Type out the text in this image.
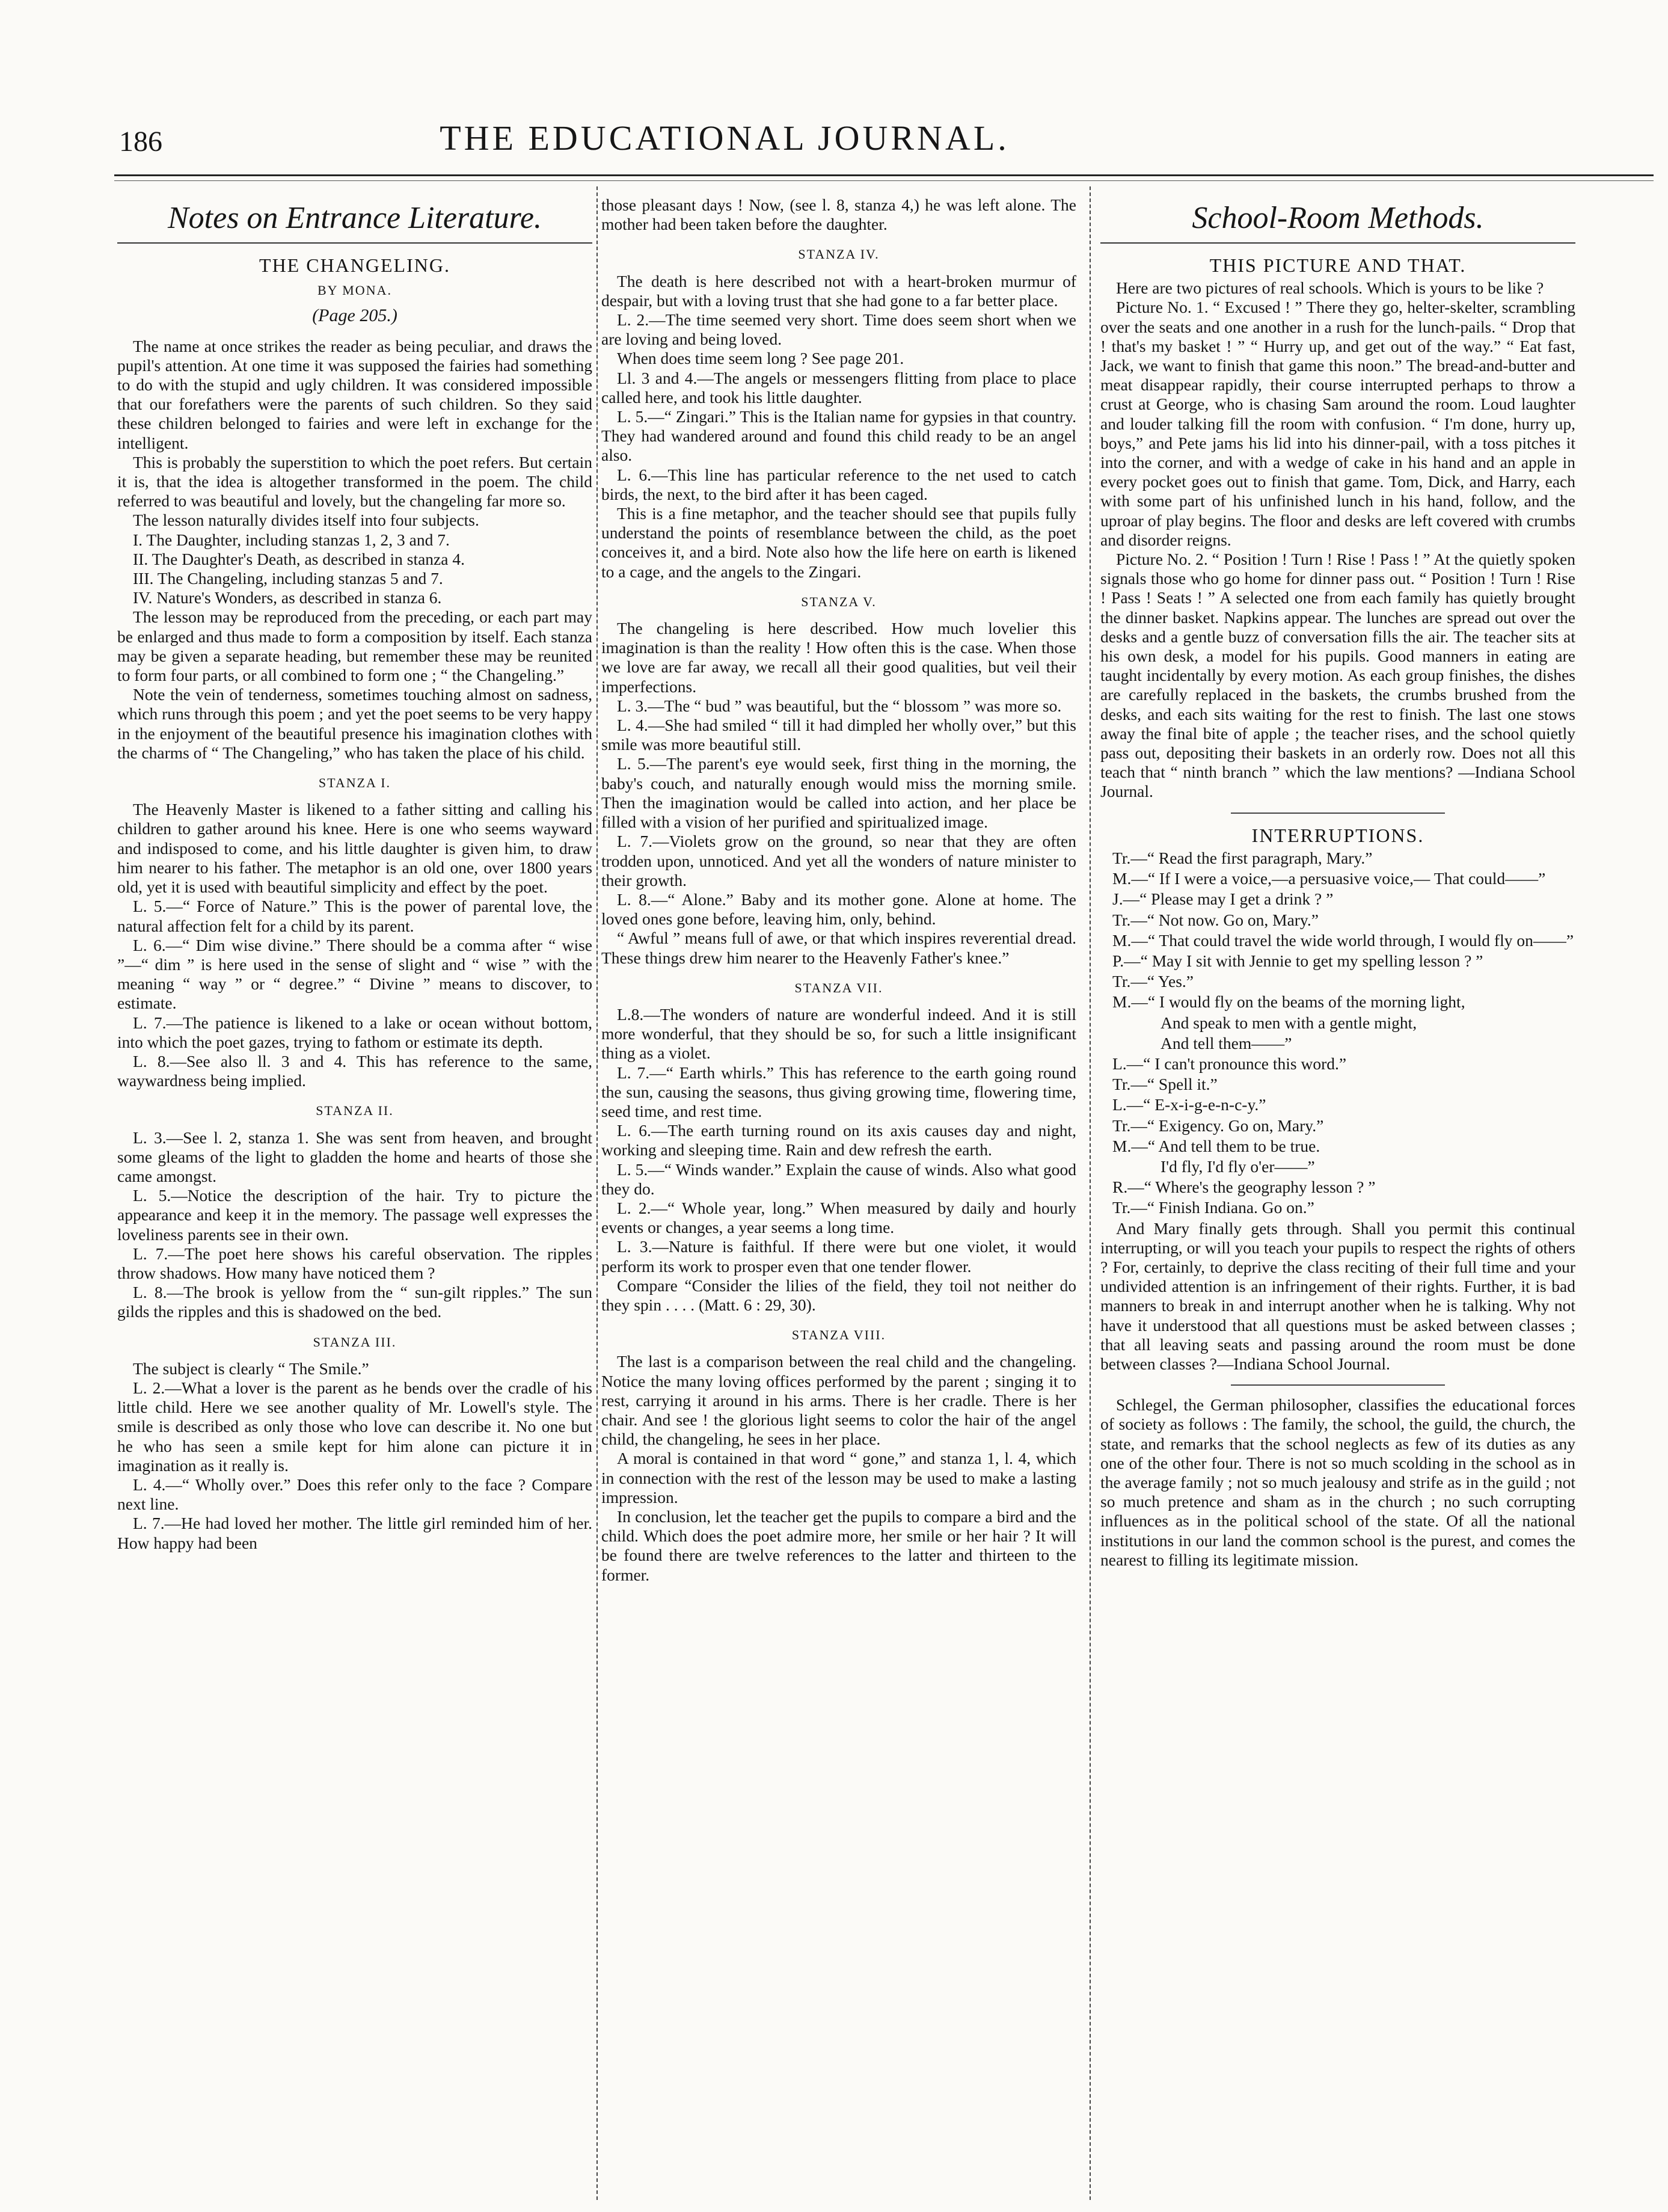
186	THE EDUCATIONAL JOURNAL.
Notes on Entrance Literature.
THE CHANGELING.
BY MONA.
(Page 205.)

The name at once strikes the reader as being peculiar, and draws the pupil's attention. At one time it was supposed the fairies had something to do with the stupid and ugly children. It was considered impossible that our forefathers were the parents of such children. So they said these children belonged to fairies and were left in exchange for the intelligent.

This is probably the superstition to which the poet refers. But certain it is, that the idea is altogether transformed in the poem. The child referred to was beautiful and lovely, but the changeling far more so.

The lesson naturally divides itself into four subjects.

I. The Daughter, including stanzas 1, 2, 3 and 7.

II. The Daughter's Death, as described in stanza 4.

III. The Changeling, including stanzas 5 and 7.

IV. Nature's Wonders, as described in stanza 6.

The lesson may be reproduced from the preceding, or each part may be enlarged and thus made to form a composition by itself. Each stanza may be given a separate heading, but remember these may be reunited to form four parts, or all combined to form one ; “ the Changeling.”

Note the vein of tenderness, sometimes touching almost on sadness, which runs through this poem ; and yet the poet seems to be very happy in the enjoyment of the beautiful presence his imagination clothes with the charms of “ The Changeling,” who has taken the place of his child.

STANZA I.

The Heavenly Master is likened to a father sitting and calling his children to gather around his knee. Here is one who seems wayward and indisposed to come, and his little daughter is given him, to draw him nearer to his father. The metaphor is an old one, over 1800 years old, yet it is used with beautiful simplicity and effect by the poet.

L. 5.—“ Force of Nature.” This is the power of parental love, the natural affection felt for a child by its parent.

L. 6.—“ Dim wise divine.” There should be a comma after “ wise ”—“ dim ” is here used in the sense of slight and “ wise ” with the meaning “ way ” or “ degree.” “ Divine ” means to discover, to estimate.

L. 7.—The patience is likened to a lake or ocean without bottom, into which the poet gazes, trying to fathom or estimate its depth.

L. 8.—See also ll. 3 and 4. This has reference to the same, waywardness being implied.

STANZA II.

L. 3.—See l. 2, stanza 1. She was sent from heaven, and brought some gleams of the light to gladden the home and hearts of those she came amongst.

L. 5.—Notice the description of the hair. Try to picture the appearance and keep it in the memory. The passage well expresses the loveliness parents see in their own.

L. 7.—The poet here shows his careful observation. The ripples throw shadows. How many have noticed them ?

L. 8.—The brook is yellow from the “ sun-gilt ripples.” The sun gilds the ripples and this is shadowed on the bed.

STANZA III.

The subject is clearly “ The Smile.”

L. 2.—What a lover is the parent as he bends over the cradle of his little child. Here we see another quality of Mr. Lowell's style. The smile is described as only those who love can describe it. No one but he who has seen a smile kept for him alone can picture it in imagination as it really is.

L. 4.—“ Wholly over.” Does this refer only to the face ? Compare next line.

L. 7.—He had loved her mother. The little girl reminded him of her. How happy had been

those pleasant days ! Now, (see l. 8, stanza 4,) he was left alone. The mother had been taken before the daughter.

STANZA IV.

The death is here described not with a heart-broken murmur of despair, but with a loving trust that she had gone to a far better place.

L. 2.—The time seemed very short. Time does seem short when we are loving and being loved.

When does time seem long ? See page 201.

Ll. 3 and 4.—The angels or messengers flitting from place to place called here, and took his little daughter.

L. 5.—“ Zingari.” This is the Italian name for gypsies in that country. They had wandered around and found this child ready to be an angel also.

L. 6.—This line has particular reference to the net used to catch birds, the next, to the bird after it has been caged.

This is a fine metaphor, and the teacher should see that pupils fully understand the points of resemblance between the child, as the poet conceives it, and a bird. Note also how the life here on earth is likened to a cage, and the angels to the Zingari.

STANZA V.

The changeling is here described. How much lovelier this imagination is than the reality ! How often this is the case. When those we love are far away, we recall all their good qualities, but veil their imperfections.

L. 3.—The “ bud ” was beautiful, but the “ blossom ” was more so.

L. 4.—She had smiled “ till it had dimpled her wholly over,” but this smile was more beautiful still.

L. 5.—The parent's eye would seek, first thing in the morning, the baby's couch, and naturally enough would miss the morning smile. Then the imagination would be called into action, and her place be filled with a vision of her purified and spiritualized image.

L. 7.—Violets grow on the ground, so near that they are often trodden upon, unnoticed. And yet all the wonders of nature minister to their growth.

L. 8.—“ Alone.” Baby and its mother gone. Alone at home. The loved ones gone before, leaving him, only, behind.

“ Awful ” means full of awe, or that which inspires reverential dread. These things drew him nearer to the Heavenly Father's knee.”

STANZA VII.

L.8.—The wonders of nature are wonderful indeed. And it is still more wonderful, that they should be so, for such a little insignificant thing as a violet.

L. 7.—“ Earth whirls.” This has reference to the earth going round the sun, causing the seasons, thus giving growing time, flowering time, seed time, and rest time.

L. 6.—The earth turning round on its axis causes day and night, working and sleeping time. Rain and dew refresh the earth.

L. 5.—“ Winds wander.” Explain the cause of winds. Also what good they do.

L. 2.—“ Whole year, long.” When measured by daily and hourly events or changes, a year seems a long time.

L. 3.—Nature is faithful. If there were but one violet, it would perform its work to prosper even that one tender flower.

Compare “Consider the lilies of the field, they toil not neither do they spin . . . . (Matt. 6 : 29, 30).

STANZA VIII.

The last is a comparison between the real child and the changeling. Notice the many loving offices performed by the parent ; singing it to rest, carrying it around in his arms. There is her cradle. There is her chair. And see ! the glorious light seems to color the hair of the angel child, the changeling, he sees in her place.

A moral is contained in that word “ gone,” and stanza 1, l. 4, which in connection with the rest of the lesson may be used to make a lasting impression.

In conclusion, let the teacher get the pupils to compare a bird and the child. Which does the poet admire more, her smile or her hair ? It will be found there are twelve references to the latter and thirteen to the former.

School-Room Methods.
THIS PICTURE AND THAT.

Here are two pictures of real schools. Which is yours to be like ?

Picture No. 1. “ Excused ! ” There they go, helter-skelter, scrambling over the seats and one another in a rush for the lunch-pails. “ Drop that ! that's my basket ! ” “ Hurry up, and get out of the way.” “ Eat fast, Jack, we want to finish that game this noon.” The bread-and-butter and meat disappear rapidly, their course interrupted perhaps to throw a crust at George, who is chasing Sam around the room. Loud laughter and louder talking fill the room with confusion. “ I'm done, hurry up, boys,” and Pete jams his lid into his dinner-pail, with a toss pitches it into the corner, and with a wedge of cake in his hand and an apple in every pocket goes out to finish that game. Tom, Dick, and Harry, each with some part of his unfinished lunch in his hand, follow, and the uproar of play begins. The floor and desks are left covered with crumbs and disorder reigns.

Picture No. 2. “ Position ! Turn ! Rise ! Pass ! ” At the quietly spoken signals those who go home for dinner pass out. “ Position ! Turn ! Rise ! Pass ! Seats ! ” A selected one from each family has quietly brought the dinner basket. Napkins appear. The lunches are spread out over the desks and a gentle buzz of conversation fills the air. The teacher sits at his own desk, a model for his pupils. Good manners in eating are taught incidentally by every motion. As each group finishes, the dishes are carefully replaced in the baskets, the crumbs brushed from the desks, and each sits waiting for the rest to finish. The last one stows away the final bite of apple ; the teacher rises, and the school quietly pass out, depositing their baskets in an orderly row. Does not all this teach that “ ninth branch ” which the law mentions? —Indiana School Journal.

INTERRUPTIONS.

Tr.—“ Read the first paragraph, Mary.”

M.—“ If I were a voice,—a persuasive voice,— That could——”

J.—“ Please may I get a drink ? ”

Tr.—“ Not now. Go on, Mary.”

M.—“ That could travel the wide world through, I would fly on——”

P.—“ May I sit with Jennie to get my spelling lesson ? ”

Tr.—“ Yes.”

M.—“ I would fly on the beams of the morning light,

And speak to men with a gentle might,

And tell them——”

L.—“ I can't pronounce this word.”

Tr.—“ Spell it.”

L.—“ E-x-i-g-e-n-c-y.”

Tr.—“ Exigency. Go on, Mary.”

M.—“ And tell them to be true.

I'd fly, I'd fly o'er——”

R.—“ Where's the geography lesson ? ”

Tr.—“ Finish Indiana. Go on.”

And Mary finally gets through. Shall you permit this continual interrupting, or will you teach your pupils to respect the rights of others ? For, certainly, to deprive the class reciting of their full time and your undivided attention is an infringement of their rights. Further, it is bad manners to break in and interrupt another when he is talking. Why not have it understood that all questions must be asked between classes ; that all leaving seats and passing around the room must be done between classes ?—Indiana School Journal.

Schlegel, the German philosopher, classifies the educational forces of society as follows : The family, the school, the guild, the church, the state, and remarks that the school neglects as few of its duties as any one of the other four. There is not so much scolding in the school as in the average family ; not so much jealousy and strife as in the guild ; not so much pretence and sham as in the church ; no such corrupting influences as in the political school of the state. Of all the national institutions in our land the common school is the purest, and comes the nearest to filling its legitimate mission.
